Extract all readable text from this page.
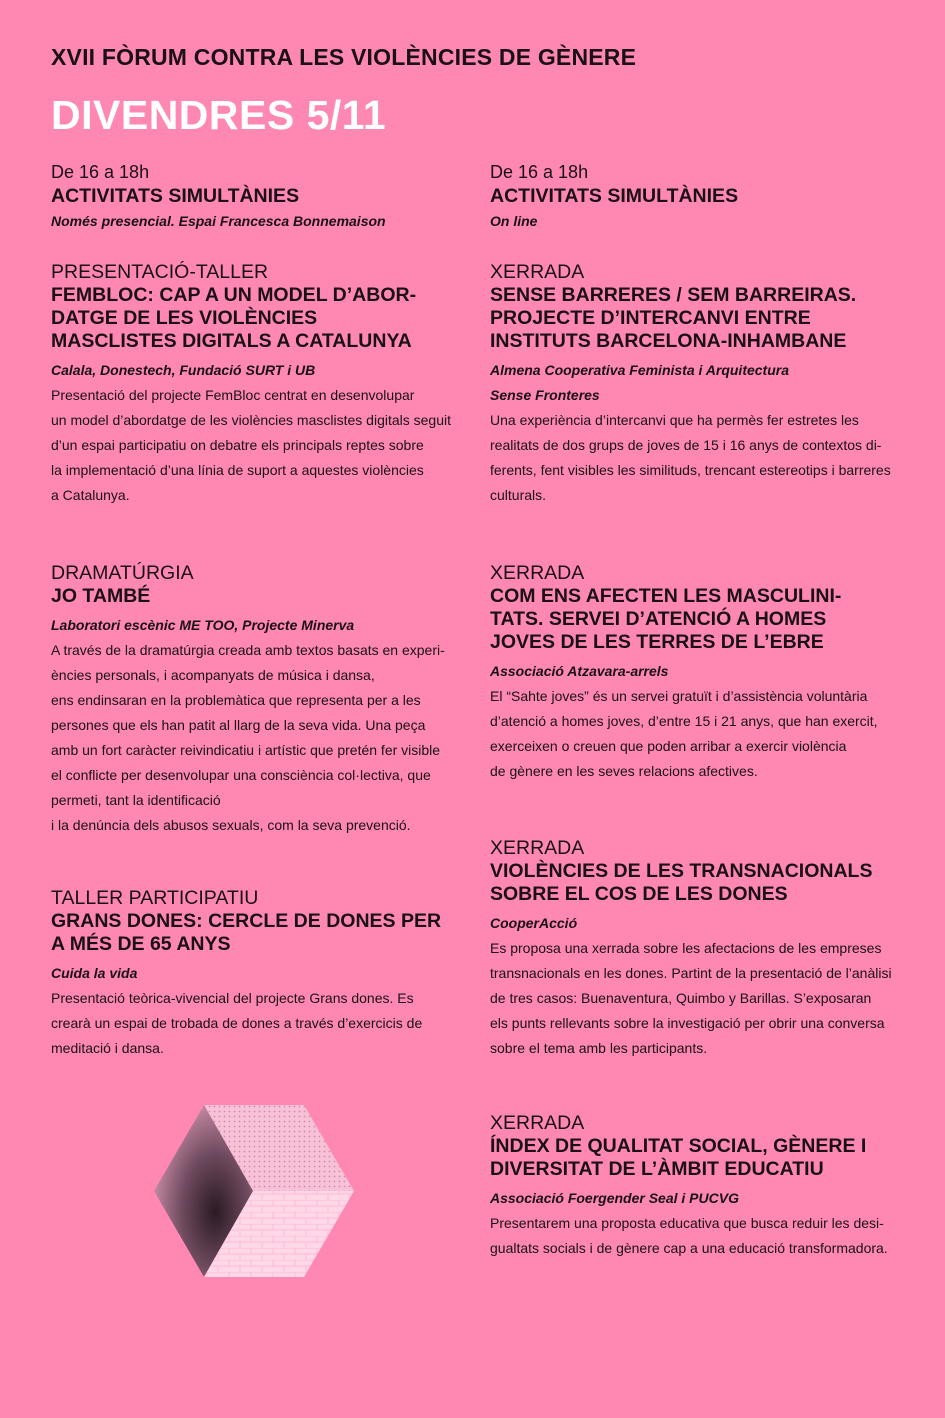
XVII FÒRUM CONTRA LES VIOLÈNCIES DE GÈNERE
DIVENDRES 5/11
De 16 a 18h
ACTIVITATS SIMULTÀNIES
Només presencial. Espai Francesca Bonnemaison
PRESENTACIÓ-TALLER
FEMBLOC: CAP A UN MODEL D’ABOR-
DATGE DE LES VIOLÈNCIES
MASCLISTES DIGITALS A CATALUNYA
Calala, Donestech, Fundació SURT i UB

Presentació del projecte FemBloc centrat en desenvolupar
un model d’abordatge de les violències masclistes digitals seguit
d’un espai participatiu on debatre els principals reptes sobre
la implementació d’una línia de suport a aquestes violències
a Catalunya.

DRAMATÚRGIA
JO TAMBÉ
Laboratori escènic ME TOO, Projecte Minerva

A través de la dramatúrgia creada amb textos basats en experi-
ències personals, i acompanyats de música i dansa,
ens endinsaran en la problemàtica que representa per a les
persones que els han patit al llarg de la seva vida. Una peça
amb un fort caràcter reivindicatiu i artístic que pretén fer visible
el conflicte per desenvolupar una consciència col·lectiva, que
permeti, tant la identificació
i la denúncia dels abusos sexuals, com la seva prevenció.

TALLER PARTICIPATIU
GRANS DONES: CERCLE DE DONES PER
A MÉS DE 65 ANYS
Cuida la vida

Presentació teòrica-vivencial del projecte Grans dones. Es
crearà un espai de trobada de dones a través d’exercicis de
meditació i dansa.

De 16 a 18h
ACTIVITATS SIMULTÀNIES
On line
XERRADA
SENSE BARRERES / SEM BARREIRAS.
PROJECTE D’INTERCANVI ENTRE
INSTITUTS BARCELONA-INHAMBANE
Almena Cooperativa Feminista i Arquitectura
Sense Fronteres

Una experiència d’intercanvi que ha permès fer estretes les
realitats de dos grups de joves de 15 i 16 anys de contextos di-
ferents, fent visibles les similituds, trencant estereotips i barreres
culturals.

XERRADA
COM ENS AFECTEN LES MASCULINI-
TATS. SERVEI D’ATENCIÓ A HOMES
JOVES DE LES TERRES DE L’EBRE
Associació Atzavara-arrels

El “Sahte joves” és un servei gratuït i d’assistència voluntària
d’atenció a homes joves, d’entre 15 i 21 anys, que han exercit,
exerceixen o creuen que poden arribar a exercir violència
de gènere en les seves relacions afectives.

XERRADA
VIOLÈNCIES DE LES TRANSNACIONALS
SOBRE EL COS DE LES DONES
CooperAcció

Es proposa una xerrada sobre les afectacions de les empreses
transnacionals en les dones. Partint de la presentació de l’anàlisi
de tres casos: Buenaventura, Quimbo y Barillas. S’exposaran
els punts rellevants sobre la investigació per obrir una conversa
sobre el tema amb les participants.

XERRADA
ÍNDEX DE QUALITAT SOCIAL, GÈNERE I
DIVERSITAT DE L’ÀMBIT EDUCATIU
Associació Foergender Seal i PUCVG

Presentarem una proposta educativa que busca reduir les desi-
gualtats socials i de gènere cap a una educació transformadora.
